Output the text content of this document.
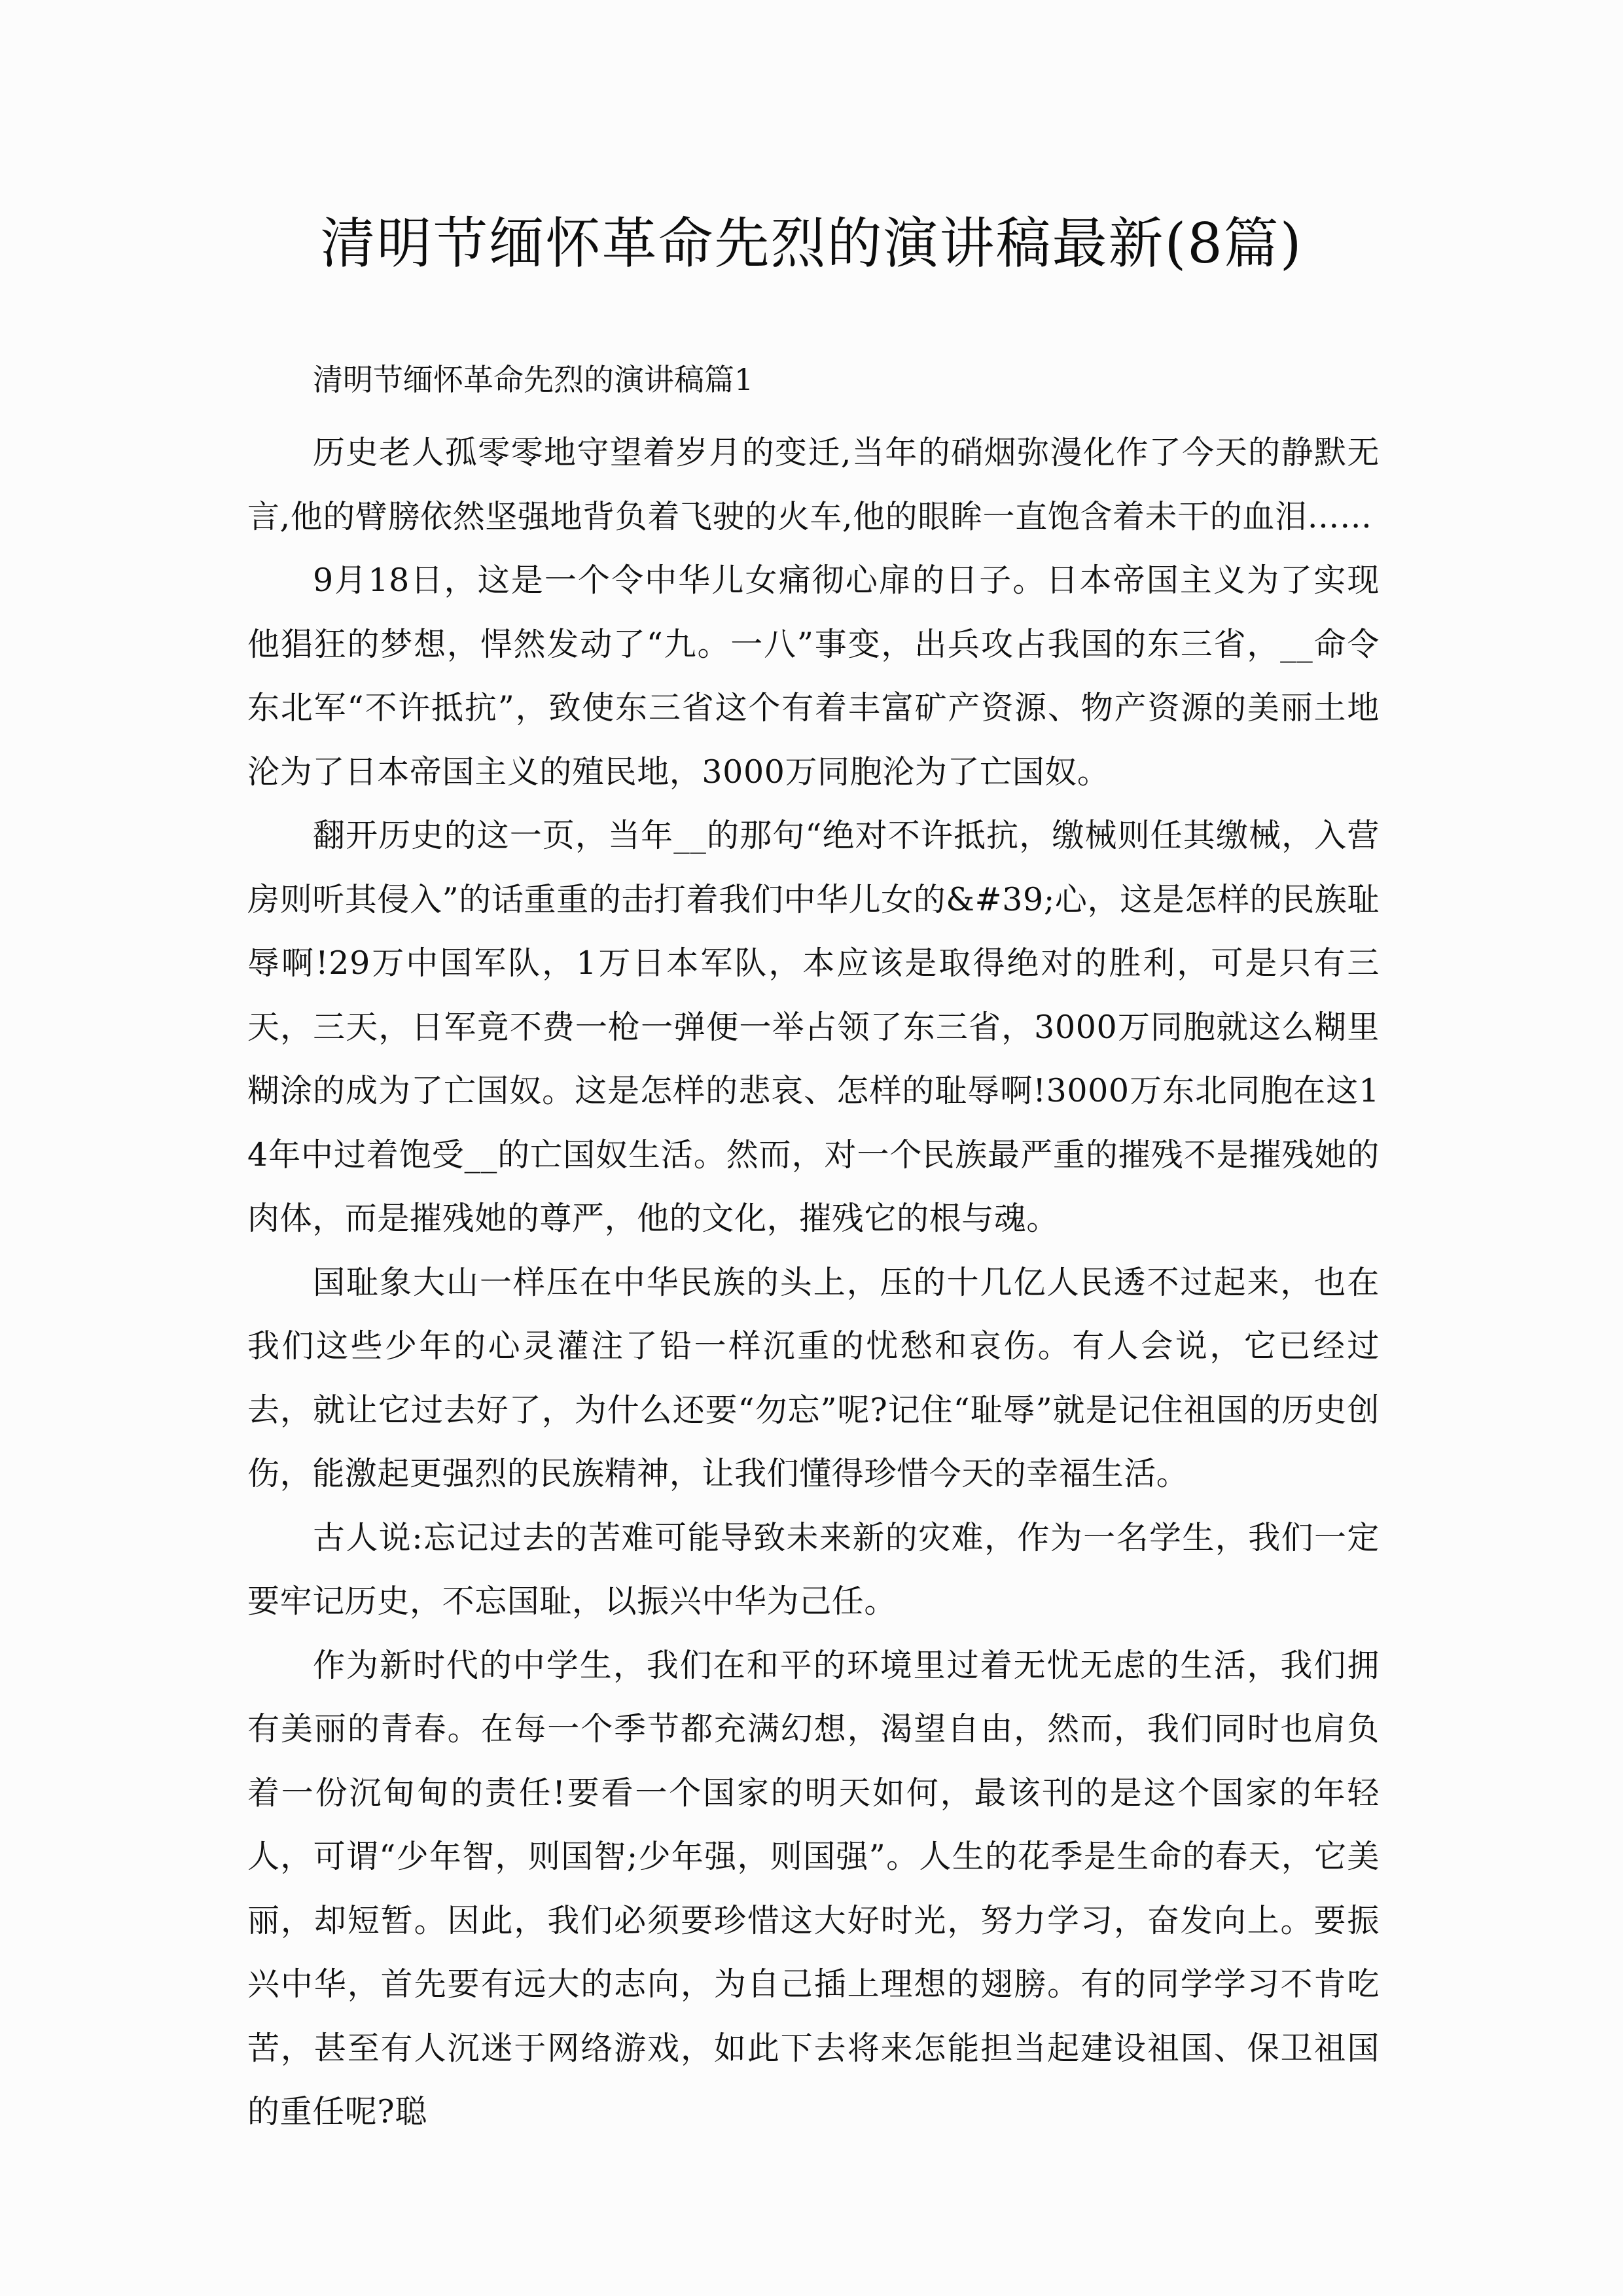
清明节缅怀革命先烈的演讲稿最新(8篇)

清明节缅怀革命先烈的演讲稿篇1

历史老人孤零零地守望着岁月的变迁,当年的硝烟弥漫化作了今天的静默无言,他的臂膀依然坚强地背负着飞驶的火车,他的眼眸一直饱含着未干的血泪……

9月18日，这是一个令中华儿女痛彻心扉的日子。日本帝国主义为了实现他猖狂的梦想，悍然发动了“九。一八”事变，出兵攻占我国的东三省，__命令东北军“不许抵抗”，致使东三省这个有着丰富矿产资源、物产资源的美丽土地沦为了日本帝国主义的殖民地，3000万同胞沦为了亡国奴。

翻开历史的这一页，当年__的那句“绝对不许抵抗，缴械则任其缴械，入营房则听其侵入”的话重重的击打着我们中华儿女的&#39;心，这是怎样的民族耻辱啊!29万中国军队，1万日本军队，本应该是取得绝对的胜利，可是只有三天，三天，日军竟不费一枪一弹便一举占领了东三省，3000万同胞就这么糊里糊涂的成为了亡国奴。这是怎样的悲哀、怎样的耻辱啊!3000万东北同胞在这14年中过着饱受__的亡国奴生活。然而，对一个民族最严重的摧残不是摧残她的肉体，而是摧残她的尊严，他的文化，摧残它的根与魂。

国耻象大山一样压在中华民族的头上，压的十几亿人民透不过起来，也在我们这些少年的心灵灌注了铅一样沉重的忧愁和哀伤。有人会说，它已经过去，就让它过去好了，为什么还要“勿忘”呢?记住“耻辱”就是记住祖国的历史创伤，能激起更强烈的民族精神，让我们懂得珍惜今天的幸福生活。

古人说:忘记过去的苦难可能导致未来新的灾难，作为一名学生，我们一定要牢记历史，不忘国耻，以振兴中华为己任。

作为新时代的中学生，我们在和平的环境里过着无忧无虑的生活，我们拥有美丽的青春。在每一个季节都充满幻想，渴望自由，然而，我们同时也肩负着一份沉甸甸的责任!要看一个国家的明天如何，最该刊的是这个国家的年轻人，可谓“少年智，则国智;少年强，则国强”。人生的花季是生命的春天，它美丽，却短暂。因此，我们必须要珍惜这大好时光，努力学习，奋发向上。要振兴中华，首先要有远大的志向，为自己插上理想的翅膀。有的同学学习不肯吃苦，甚至有人沉迷于网络游戏，如此下去将来怎能担当起建设祖国、保卫祖国的重任呢?聪
